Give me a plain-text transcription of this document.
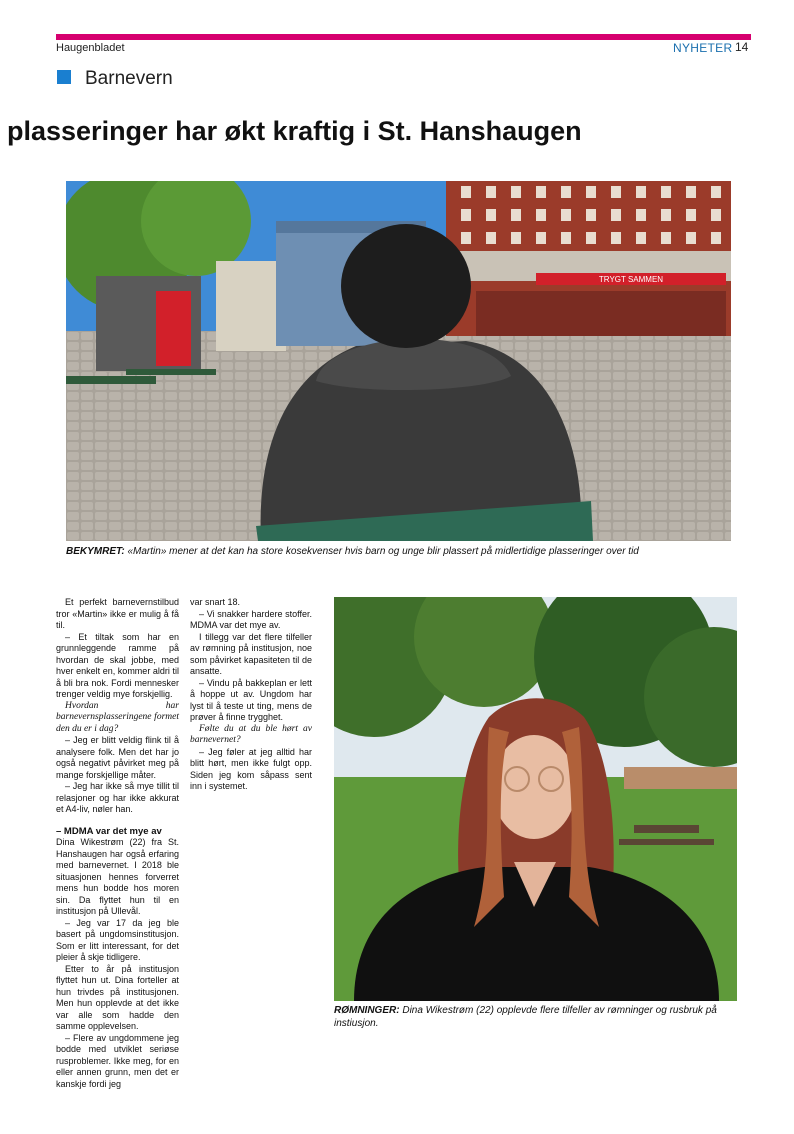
Haugenbladet	NYHETER 14
Barnevern
plasseringer har økt kraftig i St. Hanshaugen
TRYGT SAMMEN
BEKYMRET: «Martin» mener at det kan ha store kosekvenser hvis barn og unge blir plassert på midlertidige plasseringer over tid

Et perfekt barnevernstilbud tror «Martin» ikke er mulig å få til.

– Et tiltak som har en grunnleggende ramme på hvordan de skal jobbe, med hver enkelt en, kommer aldri til å bli bra nok. Fordi mennesker trenger veldig mye forskjellig.

Hvordan har barnevernsplasseringene formet den du er i dag?

– Jeg er blitt veldig flink til å analysere folk. Men det har jo også negativt påvirket meg på mange forskjellige måter.

– Jeg har ikke så mye tillit til relasjoner og har ikke akkurat et A4-liv, nøler han.

– MDMA var det mye av

Dina Wikestrøm (22) fra St. Hanshaugen har også erfaring med barnevernet. I 2018 ble situasjonen hennes forverret mens hun bodde hos moren sin. Da flyttet hun til en institusjon på Ullevål.

– Jeg var 17 da jeg ble basert på ungdomsinstitusjon. Som er litt interessant, for det pleier å skje tidligere.

Etter to år på institusjon flyttet hun ut. Dina forteller at hun trivdes på institusjonen. Men hun opplevde at det ikke var alle som hadde den samme opplevelsen.

– Flere av ungdommene jeg bodde med utviklet seriøse rusproblemer. Ikke meg, for en eller annen grunn, men det er kanskje fordi jeg

var snart 18.

– Vi snakker hardere stoffer. MDMA var det mye av.

I tillegg var det flere tilfeller av rømning på institusjon, noe som påvirket kapasiteten til de ansatte.

– Vindu på bakkeplan er lett å hoppe ut av. Ungdom har lyst til å teste ut ting, mens de prøver å finne trygghet.

Følte du at du ble hørt av barnevernet?

– Jeg føler at jeg alltid har blitt hørt, men ikke fulgt opp. Siden jeg kom såpass sent inn i systemet.

RØMNINGER: Dina Wikestrøm (22) opplevde flere tilfeller av rømninger og rusbruk på instiusjon.
